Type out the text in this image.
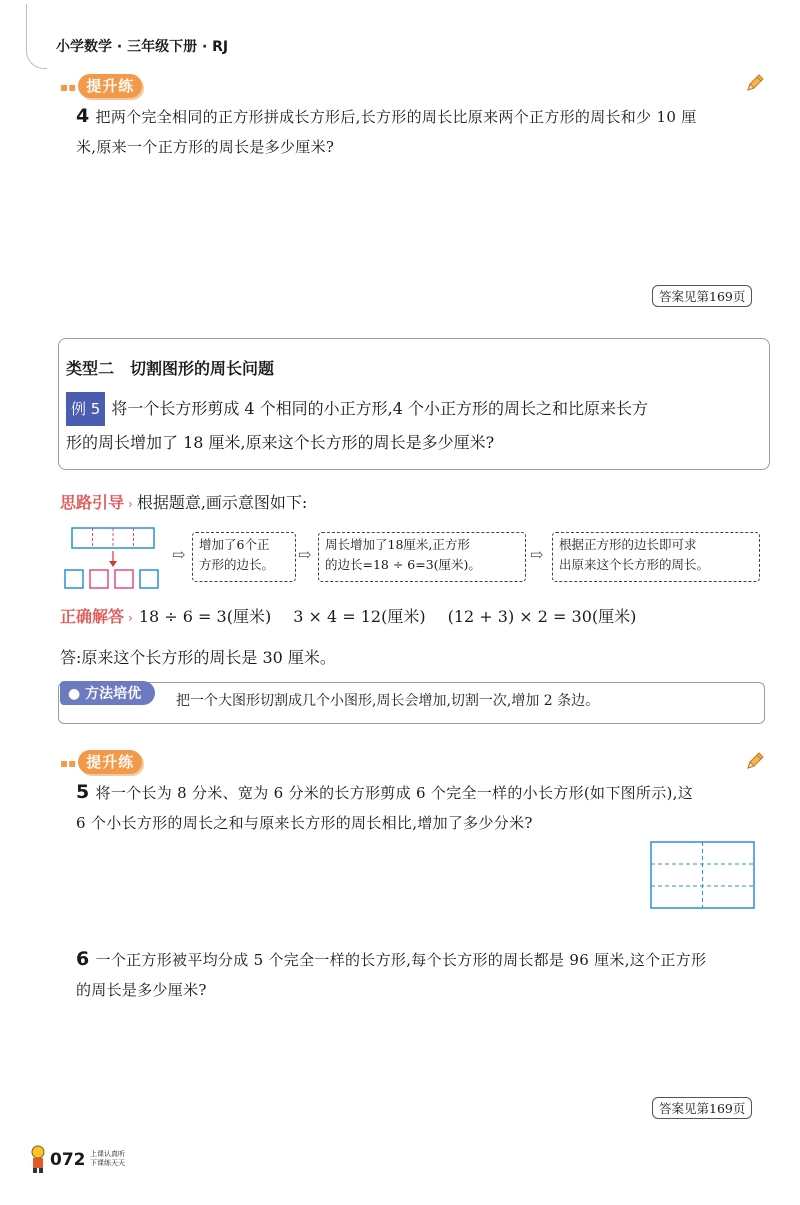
小学数学 · 三年级下册 · RJ
▪▪ 提升练
4 把两个完全相同的正方形拼成长方形后,长方形的周长比原来两个正方形的周长和少 10 厘
米,原来一个正方形的周长是多少厘米?
答案见第169页
类型二　切割图形的周长问题
例 5 将一个长方形剪成 4 个相同的小正方形,4 个小正方形的周长之和比原来长方
形的周长增加了 18 厘米,原来这个长方形的周长是多少厘米?
思路引导 › 根据题意,画示意图如下:
⇨
增加了6个正
方形的边长。
⇨
周长增加了18厘米,正方形
的边长=18 ÷ 6=3(厘米)。
⇨
根据正方形的边长即可求
出原来这个长方形的周长。
正确解答 › 18 ÷ 6 = 3(厘米) 3 × 4 = 12(厘米) (12 + 3) × 2 = 30(厘米)
答:原来这个长方形的周长是 30 厘米。
● 方法培优	把一个大图形切割成几个小图形,周长会增加,切割一次,增加 2 条边。
▪▪ 提升练
5 将一个长为 8 分米、宽为 6 分米的长方形剪成 6 个完全一样的小长方形(如下图所示),这
6 个小长方形的周长之和与原来长方形的周长相比,增加了多少分米?
6 一个正方形被平均分成 5 个完全一样的长方形,每个长方形的周长都是 96 厘米,这个正方形
的周长是多少厘米?
答案见第169页
072 上课认真听
下课练天天
